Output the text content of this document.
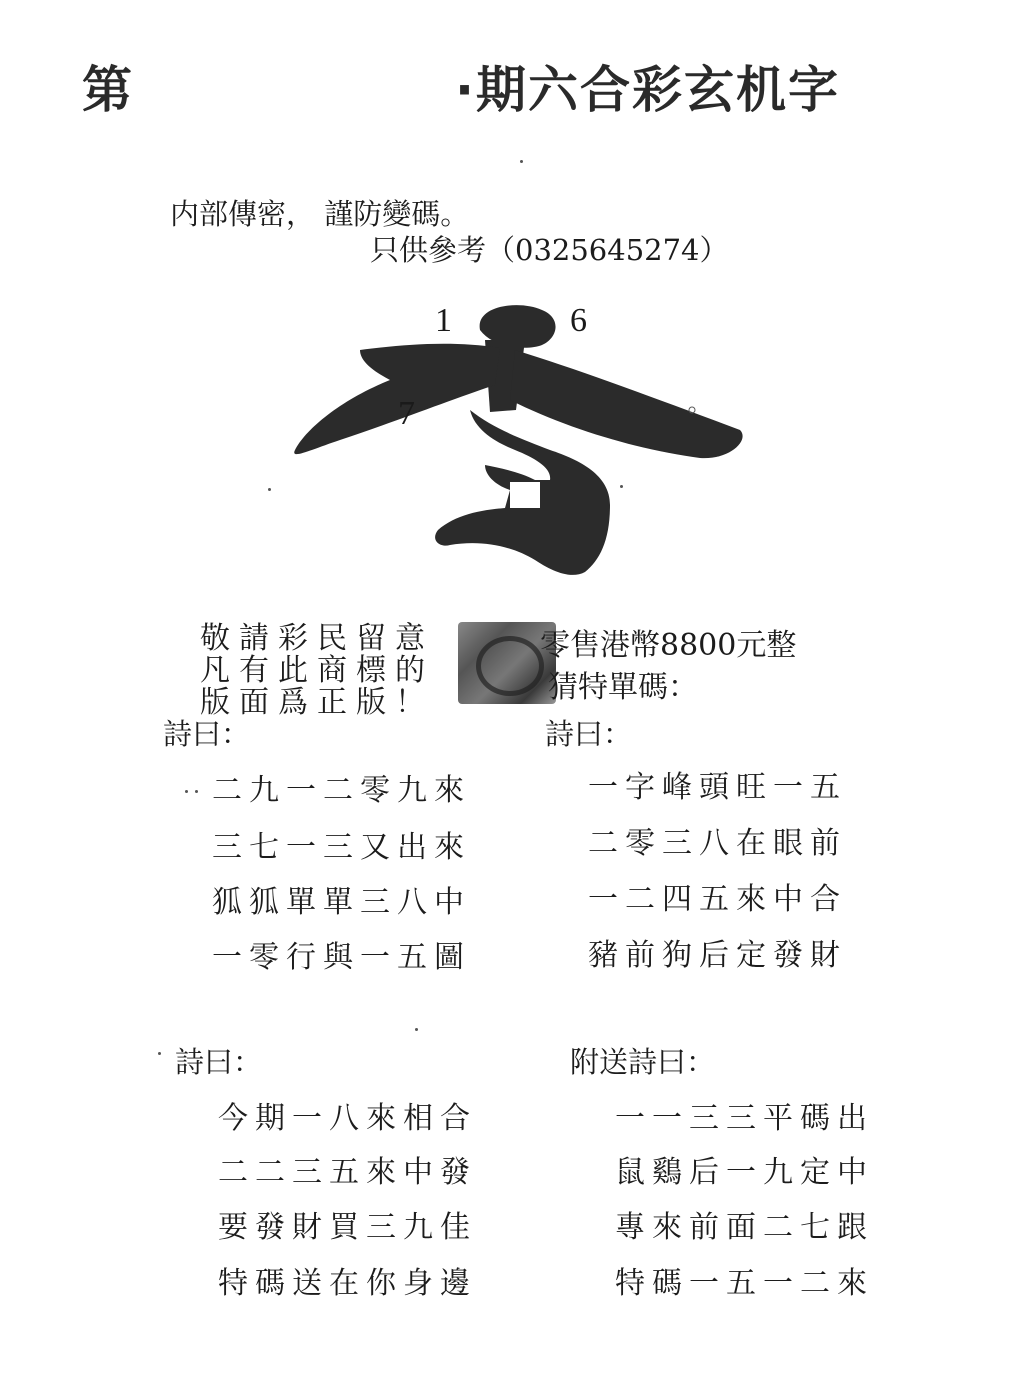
第	·期六合彩玄机字
内部傳密， 謹防變碼。
只供參考（0325645274）
1	6
7
敬請彩民留意
凡有此商標的
版面爲正版！
零售港幣8800元整
猜特單碼：
詩曰：
二九一二零九來
三七一三又出來
狐狐單單三八中
一零行與一五圖
詩曰：
一字峰頭旺一五
二零三八在眼前
一二四五來中合
豬前狗后定發財
詩曰：
今期一八來相合
二二三五來中發
要發財買三九佳
特碼送在你身邊
附送詩曰：
一一三三平碼出
鼠鷄后一九定中
專來前面二七跟
特碼一五一二來
